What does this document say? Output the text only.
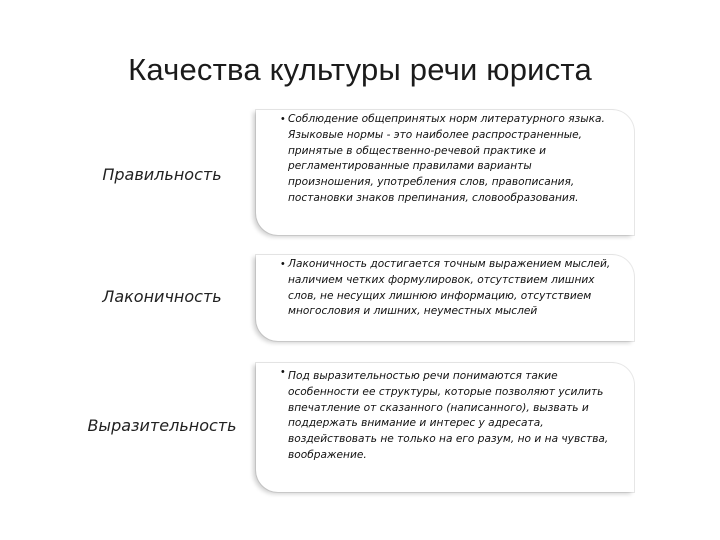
Качества культуры речи юриста
Правильность
• Соблюдение общепринятых норм литературного языка. Языковые нормы - это наиболее распространенные, принятые в общественно-речевой практике и регламентированные правилами варианты произношения, употребления слов, правописания, постановки знаков препинания, словообразования.

Лаконичность
• Лаконичность достигается точным выражением мыслей, наличием четких формулировок, отсутствием лишних слов, не несущих лишнюю информацию, отсутствием многословия и лишних, неуместных мыслей

Выразительность
• Под выразительностью речи понимаются такие особенности ее структуры, которые позволяют усилить впечатление от сказанного (написанного), вызвать и поддержать внимание и интерес у адресата, воздействовать не только на его разум, но и на чувства, воображение.
